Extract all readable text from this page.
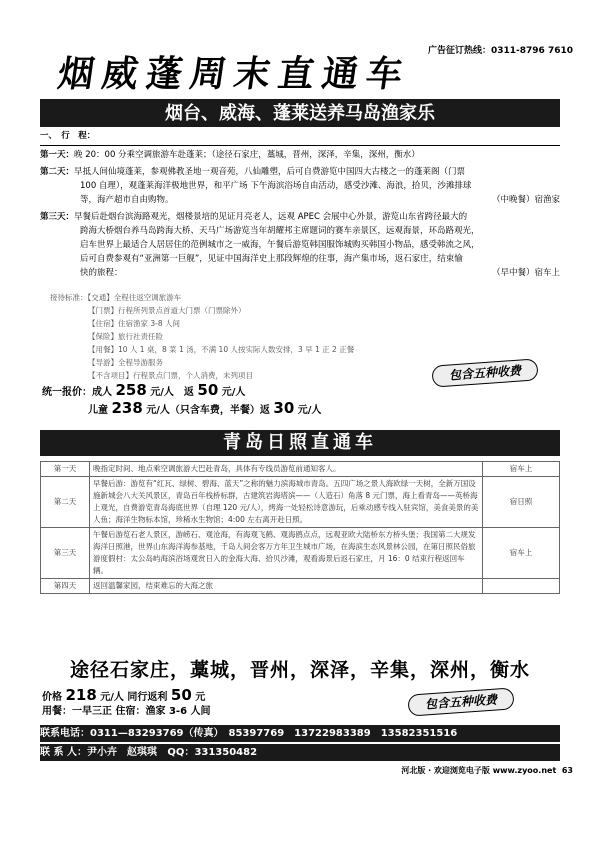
广告征订热线：0311-8796 7610
烟威蓬周末直通车
烟台、威海、蓬莱送养马岛渔家乐
一、　行　程：
第一天：晚 20：00 分乘空调旅游车赴蓬莱；（途径石家庄，藁城，晋州，深泽，辛集，深州，衡水）
第二天：早抵人间仙境蓬莱，参观佛教圣地一观音苑，八仙雕塑，后可自费游览中国四大古楼之一的蓬莱阁（门票
100 自理），观蓬莱海洋极地世界，和平广场 下午海滨浴场自由活动，感受沙滩、海浪，拾贝，沙滩排球
等，海产超市自由购物。	（中晚餐）宿渔家
第三天：早餐后赴烟台滨海路观光，烟楼景培的见证月亮老人，远观 APEC 会展中心外景，游览山东省跨径最大的
跨海大桥烟台养马岛跨海大桥、天马广场游览当年胡耀邦主席题词的赛车亲景区，远观海景，环岛路观光，
启车世界上最适合人居居住的范例城市之一威海，午餐后游览韩国服饰城购买韩国小物品，感受韩流之风，
后可自费参观有“亚洲第一巨舰”，见证中国海洋史上那段辉煌的往事，海产集市场，返石家庄，结束愉
快的旅程：	（早中餐）宿车上
接待标准：【交通】全程往返空调旅游车
【门票】行程所列景点首道大门票（门票除外）
【住宿】住宿渔家 3-8 人间
【保险】旅行社责任险
【用餐】10 人 1 桌，8 菜 1 汤，不满 10 人按实际人数安排，3 早 1 正 2 正餐
【导游】全程导游服务
【不含项目】行程景点门票，个人消费，未列项目	包含五种收费
统一报价：成人 258 元/人　返 50 元/人
儿童 238 元/人（只含车费，半餐）返 30 元/人
青岛日照直通车
第一天	晚指定时间、地点乘空调旅游大巴赴青岛，具体有专线员游览前通知客人。	宿车上
第二天	早餐后游：游览有“红瓦、绿树、碧海、蓝天”之称的魅力滨海城市青岛。五四广场之景人海欧绿一天树，全新万国设施新城会八大关风景区，青岛百年栈桥标群，古建筑岩海塔滨——（人造石）角落 8 元门票，海上看青岛——英桥海上观光，自费游览青岛海底世界（自理 120 元/人），烤海一处轻松诗意游玩，后乘动感专线入驻宾馆，美食美景的美人鱼；海洋生物标本馆，珍稀水生物馆；4:00 左右离开赴日照。	宿日照
第三天	午餐后游览石老人景区，游崂石、观沧海，有海观飞鹤、观海鸥点点，远观亚欧大陆桥东方桥头堡；我国第二大规发海洋日照港，世界山东海洋海参基地，千岛人间会客万方年卫生城市广场，在海滨生态风景林公园，在第日照民俗旅游度假村：太公岛屿海滨浴场观赏日入的金海大海、拾贝沙滩，观看海景后返石家庄，月 16：0 结束行程返回车辆。	宿车上
第四天	返回温馨家园，结束难忘的大海之旅	
途径石家庄，藁城，晋州，深泽，辛集，深州，衡水
价格 218 元/人 同行返利 50 元
用餐：一早三正 住宿：渔家 3-6 人间
包含五种收费
联系电话：0311—83293769（传真）　85397769　13722983389　13582351516
联 系 人：尹小卉　赵琪琪 QQ：331350482
河北版 · 欢迎浏览电子版 www.zyoo.net 63
